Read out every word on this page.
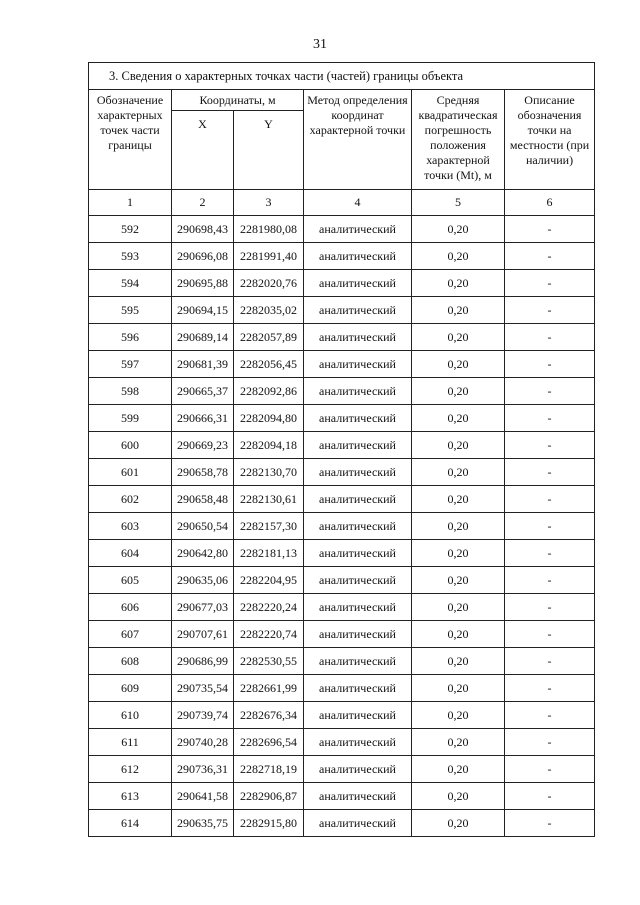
31
3. Сведения о характерных точках части (частей) границы объекта					
Обозначение характерных точек части границы	Координаты, м		Метод определения координат характерной точки	Средняя квадратическая погрешность положения характерной точки (Mt), м	Описание обозначения точки на местности (при наличии)
	X	Y			
1	2	3	4	5	6
592	290698,43	2281980,08	аналитический	0,20	-
593	290696,08	2281991,40	аналитический	0,20	-
594	290695,88	2282020,76	аналитический	0,20	-
595	290694,15	2282035,02	аналитический	0,20	-
596	290689,14	2282057,89	аналитический	0,20	-
597	290681,39	2282056,45	аналитический	0,20	-
598	290665,37	2282092,86	аналитический	0,20	-
599	290666,31	2282094,80	аналитический	0,20	-
600	290669,23	2282094,18	аналитический	0,20	-
601	290658,78	2282130,70	аналитический	0,20	-
602	290658,48	2282130,61	аналитический	0,20	-
603	290650,54	2282157,30	аналитический	0,20	-
604	290642,80	2282181,13	аналитический	0,20	-
605	290635,06	2282204,95	аналитический	0,20	-
606	290677,03	2282220,24	аналитический	0,20	-
607	290707,61	2282220,74	аналитический	0,20	-
608	290686,99	2282530,55	аналитический	0,20	-
609	290735,54	2282661,99	аналитический	0,20	-
610	290739,74	2282676,34	аналитический	0,20	-
611	290740,28	2282696,54	аналитический	0,20	-
612	290736,31	2282718,19	аналитический	0,20	-
613	290641,58	2282906,87	аналитический	0,20	-
614	290635,75	2282915,80	аналитический	0,20	-
